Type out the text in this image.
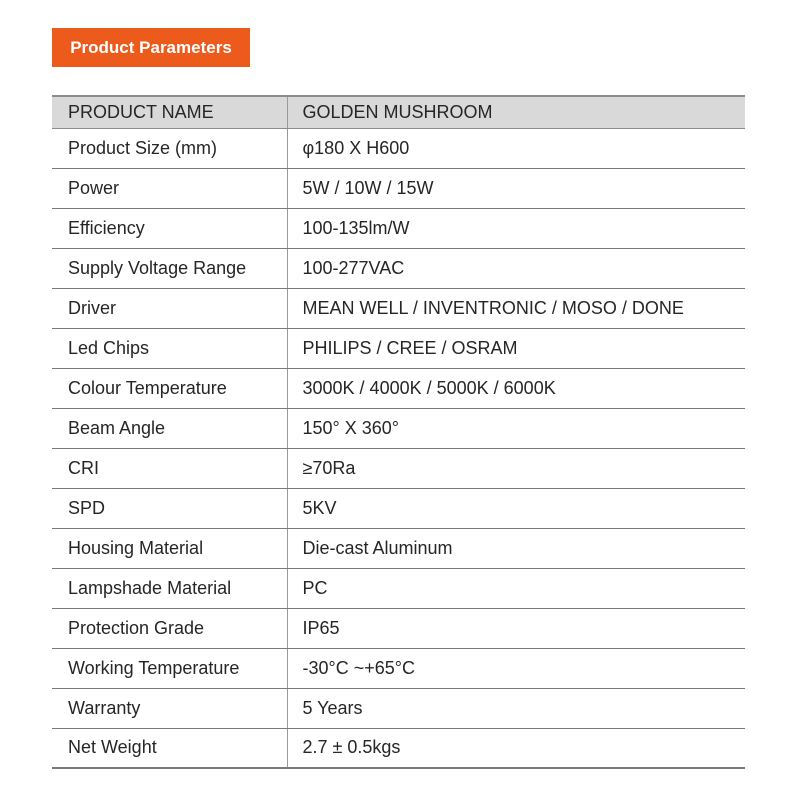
Product Parameters
PRODUCT NAME	GOLDEN MUSHROOM
Product Size (mm)	φ180 X H600
Power	5W / 10W / 15W
Efficiency	100-135lm/W
Supply Voltage Range	100-277VAC
Driver	MEAN WELL / INVENTRONIC / MOSO / DONE
Led Chips	PHILIPS / CREE / OSRAM
Colour Temperature	3000K / 4000K / 5000K / 6000K
Beam Angle	150° X 360°
CRI	≥70Ra
SPD	5KV
Housing Material	Die-cast Aluminum
Lampshade Material	PC
Protection Grade	IP65
Working Temperature	-30°C ~+65°C
Warranty	5 Years
Net Weight	2.7 ± 0.5kgs
